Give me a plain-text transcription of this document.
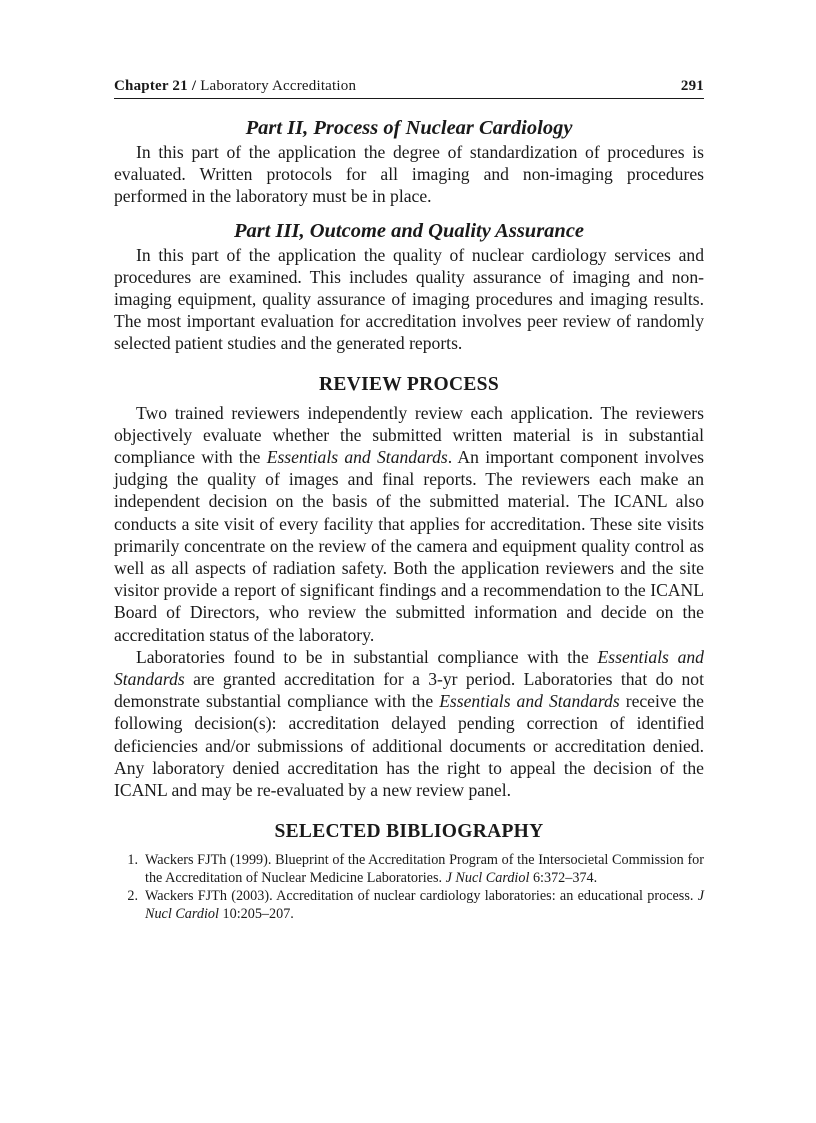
Chapter 21 / Laboratory Accreditation	291
Part II, Process of Nuclear Cardiology

In this part of the application the degree of standardization of procedures is evaluated. Written protocols for all imaging and non-imaging procedures performed in the laboratory must be in place.

Part III, Outcome and Quality Assurance

In this part of the application the quality of nuclear cardiology services and procedures are examined. This includes quality assurance of imaging and non-imaging equipment, quality assurance of imaging procedures and imaging results. The most important evaluation for accreditation involves peer review of randomly selected patient studies and the generated reports.

REVIEW PROCESS

Two trained reviewers independently review each application. The reviewers objectively evaluate whether the submitted written material is in substantial compliance with the Essentials and Standards. An important component involves judging the quality of images and final reports. The reviewers each make an independent decision on the basis of the submitted material. The ICANL also conducts a site visit of every facility that applies for accreditation. These site visits primarily concentrate on the review of the camera and equipment quality control as well as all aspects of radiation safety. Both the application reviewers and the site visitor provide a report of significant findings and a recommendation to the ICANL Board of Directors, who review the submitted information and decide on the accreditation status of the laboratory.

Laboratories found to be in substantial compliance with the Essentials and Standards are granted accreditation for a 3-yr period. Laboratories that do not demonstrate substantial compliance with the Essentials and Standards receive the following decision(s): accreditation delayed pending correction of identified deficiencies and/or submissions of additional documents or accreditation denied. Any laboratory denied accreditation has the right to appeal the decision of the ICANL and may be re-evaluated by a new review panel.

SELECTED BIBLIOGRAPHY
1. Wackers FJTh (1999). Blueprint of the Accreditation Program of the Intersocietal Commission for the Accreditation of Nuclear Medicine Laboratories. J Nucl Cardiol 6:372–374.
2. Wackers FJTh (2003). Accreditation of nuclear cardiology laboratories: an educational process. J Nucl Cardiol 10:205–207.
